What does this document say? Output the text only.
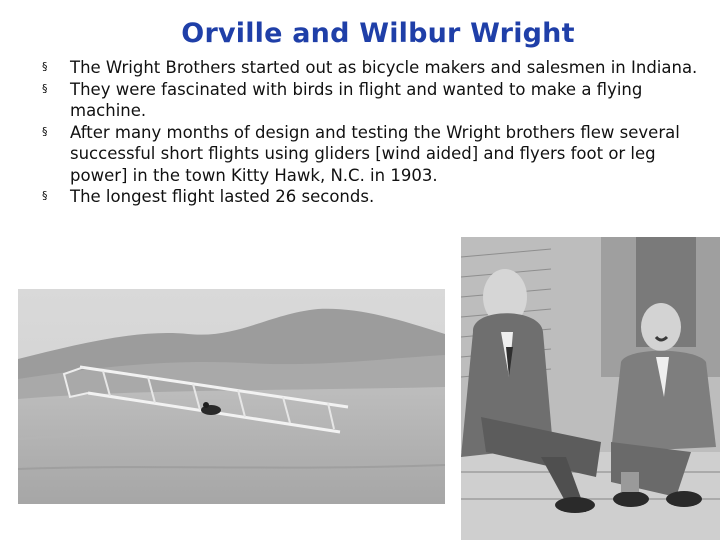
Orville and Wilbur Wright
§
The Wright Brothers started out as bicycle makers and salesmen in Indiana.
§
They were fascinated with birds in flight and wanted to make a flying machine.
§
After many months of design and testing the Wright brothers flew several successful short flights using gliders [wind aided] and flyers foot or leg power] in the town Kitty Hawk, N.C. in 1903.
§
The longest flight lasted 26 seconds.
